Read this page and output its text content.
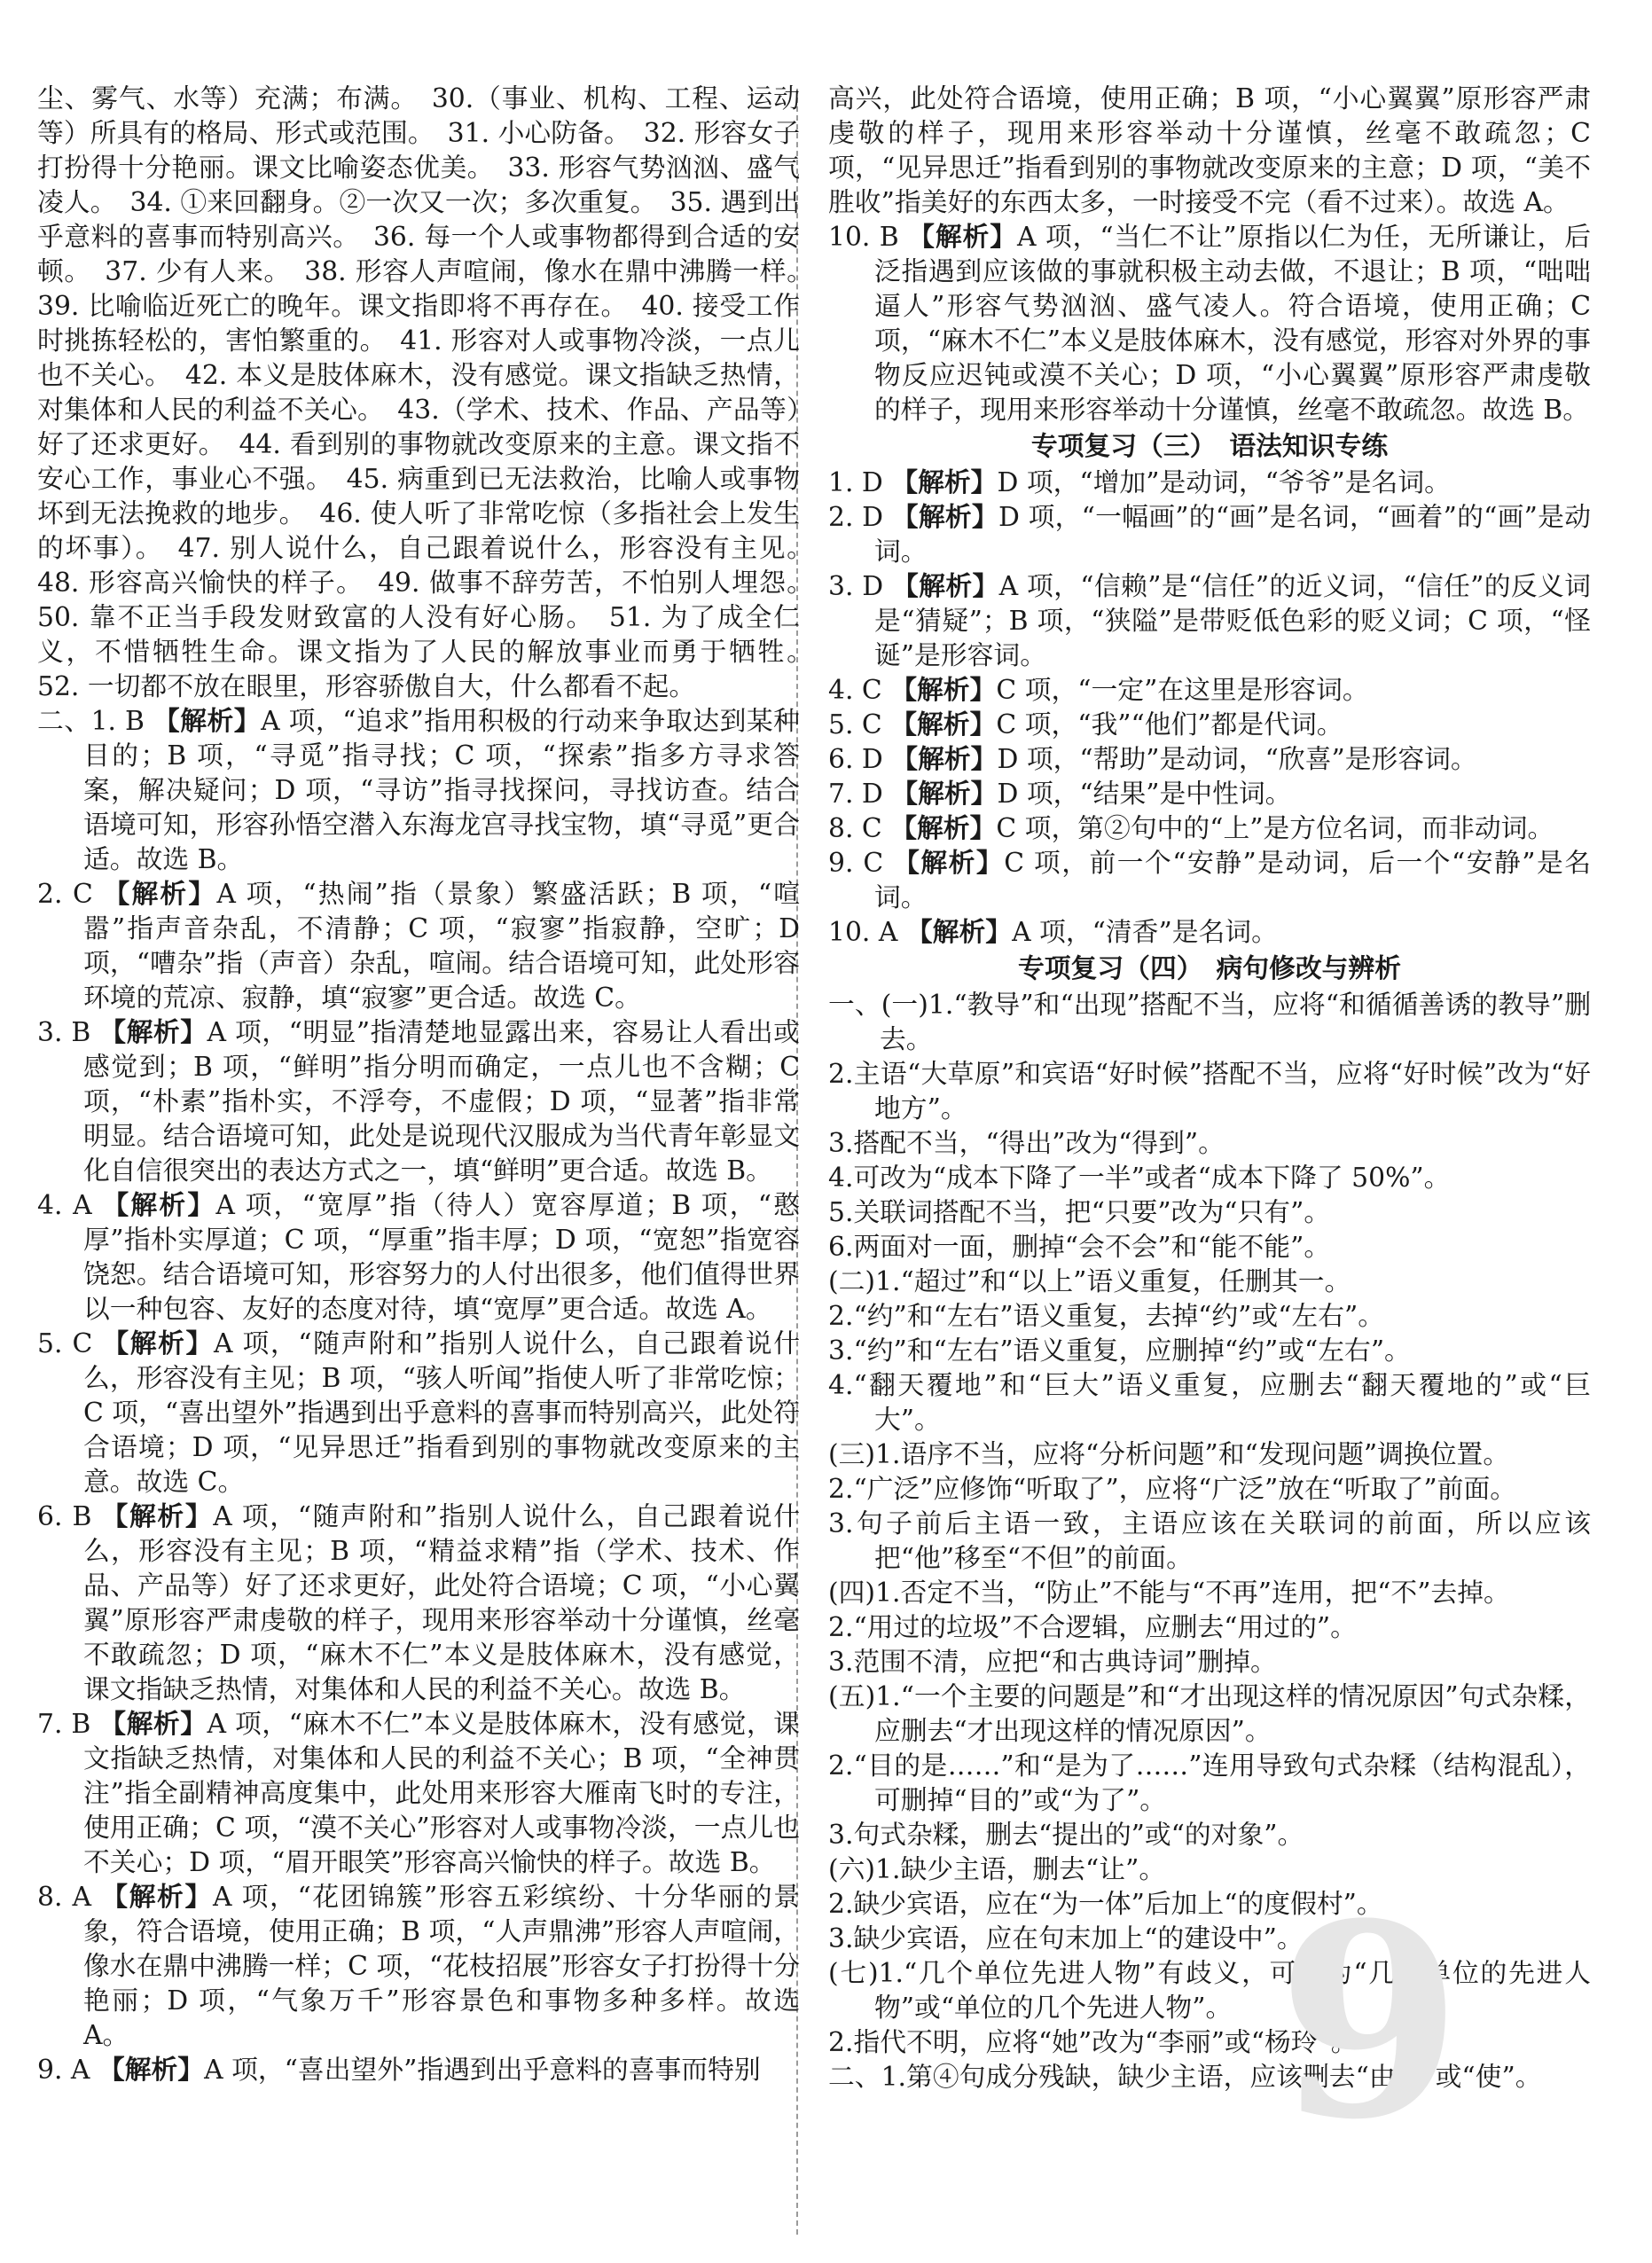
尘、雾气、水等）充满；布满。　30.（事业、机构、工程、运动等）所具有的格局、形式或范围。　31. 小心防备。　32. 形容女子打扮得十分艳丽。课文比喻姿态优美。　33. 形容气势汹汹、盛气凌人。　34. ①来回翻身。②一次又一次；多次重复。　35. 遇到出乎意料的喜事而特别高兴。　36. 每一个人或事物都得到合适的安顿。　37. 少有人来。　38. 形容人声喧闹，像水在鼎中沸腾一样。　39. 比喻临近死亡的晚年。课文指即将不再存在。　40. 接受工作时挑拣轻松的，害怕繁重的。　41. 形容对人或事物冷淡，一点儿也不关心。　42. 本义是肢体麻木，没有感觉。课文指缺乏热情，对集体和人民的利益不关心。　43.（学术、技术、作品、产品等）好了还求更好。　44. 看到别的事物就改变原来的主意。课文指不安心工作，事业心不强。　45. 病重到已无法救治，比喻人或事物坏到无法挽救的地步。　46. 使人听了非常吃惊（多指社会上发生的坏事）。　47. 别人说什么，自己跟着说什么，形容没有主见。　48. 形容高兴愉快的样子。　49. 做事不辞劳苦，不怕别人埋怨。　50. 靠不正当手段发财致富的人没有好心肠。　51. 为了成全仁义，不惜牺牲生命。课文指为了人民的解放事业而勇于牺牲。　52. 一切都不放在眼里，形容骄傲自大，什么都看不起。

二、1. B 【解析】A 项，“追求”指用积极的行动来争取达到某种目的；B 项，“寻觅”指寻找；C 项，“探索”指多方寻求答案，解决疑问；D 项，“寻访”指寻找探问，寻找访查。结合语境可知，形容孙悟空潜入东海龙宫寻找宝物，填“寻觅”更合适。故选 B。

2. C 【解析】A 项，“热闹”指（景象）繁盛活跃；B 项，“喧嚣”指声音杂乱，不清静；C 项，“寂寥”指寂静，空旷；D 项，“嘈杂”指（声音）杂乱，喧闹。结合语境可知，此处形容环境的荒凉、寂静，填“寂寥”更合适。故选 C。

3. B 【解析】A 项，“明显”指清楚地显露出来，容易让人看出或感觉到；B 项，“鲜明”指分明而确定，一点儿也不含糊；C 项，“朴素”指朴实，不浮夸，不虚假；D 项，“显著”指非常明显。结合语境可知，此处是说现代汉服成为当代青年彰显文化自信很突出的表达方式之一，填“鲜明”更合适。故选 B。

4. A 【解析】A 项，“宽厚”指（待人）宽容厚道；B 项，“憨厚”指朴实厚道；C 项，“厚重”指丰厚；D 项，“宽恕”指宽容饶恕。结合语境可知，形容努力的人付出很多，他们值得世界以一种包容、友好的态度对待，填“宽厚”更合适。故选 A。

5. C 【解析】A 项，“随声附和”指别人说什么，自己跟着说什么，形容没有主见；B 项，“骇人听闻”指使人听了非常吃惊；C 项，“喜出望外”指遇到出乎意料的喜事而特别高兴，此处符合语境；D 项，“见异思迁”指看到别的事物就改变原来的主意。故选 C。

6. B 【解析】A 项，“随声附和”指别人说什么，自己跟着说什么，形容没有主见；B 项，“精益求精”指（学术、技术、作品、产品等）好了还求更好，此处符合语境；C 项，“小心翼翼”原形容严肃虔敬的样子，现用来形容举动十分谨慎，丝毫不敢疏忽；D 项，“麻木不仁”本义是肢体麻木，没有感觉，课文指缺乏热情，对集体和人民的利益不关心。故选 B。

7. B 【解析】A 项，“麻木不仁”本义是肢体麻木，没有感觉，课文指缺乏热情，对集体和人民的利益不关心；B 项，“全神贯注”指全副精神高度集中，此处用来形容大雁南飞时的专注，使用正确；C 项，“漠不关心”形容对人或事物冷淡，一点儿也不关心；D 项，“眉开眼笑”形容高兴愉快的样子。故选 B。

8. A 【解析】A 项，“花团锦簇”形容五彩缤纷、十分华丽的景象，符合语境，使用正确；B 项，“人声鼎沸”形容人声喧闹，像水在鼎中沸腾一样；C 项，“花枝招展”形容女子打扮得十分艳丽；D 项，“气象万千”形容景色和事物多种多样。故选 A。

9. A 【解析】A 项，“喜出望外”指遇到出乎意料的喜事而特别

高兴，此处符合语境，使用正确；B 项，“小心翼翼”原形容严肃虔敬的样子，现用来形容举动十分谨慎，丝毫不敢疏忽；C 项，“见异思迁”指看到别的事物就改变原来的主意；D 项，“美不胜收”指美好的东西太多，一时接受不完（看不过来）。故选 A。

10. B 【解析】A 项，“当仁不让”原指以仁为任，无所谦让，后泛指遇到应该做的事就积极主动去做，不退让；B 项，“咄咄逼人”形容气势汹汹、盛气凌人。符合语境，使用正确；C 项，“麻木不仁”本义是肢体麻木，没有感觉，形容对外界的事物反应迟钝或漠不关心；D 项，“小心翼翼”原形容严肃虔敬的样子，现用来形容举动十分谨慎，丝毫不敢疏忽。故选 B。

专项复习（三）　语法知识专练

1. D 【解析】D 项，“增加”是动词，“爷爷”是名词。

2. D 【解析】D 项，“一幅画”的“画”是名词，“画着”的“画”是动词。

3. D 【解析】A 项，“信赖”是“信任”的近义词，“信任”的反义词是“猜疑”；B 项，“狭隘”是带贬低色彩的贬义词；C 项，“怪诞”是形容词。

4. C 【解析】C 项，“一定”在这里是形容词。

5. C 【解析】C 项，“我”“他们”都是代词。

6. D 【解析】D 项，“帮助”是动词，“欣喜”是形容词。

7. D 【解析】D 项，“结果”是中性词。

8. C 【解析】C 项，第②句中的“上”是方位名词，而非动词。

9. C 【解析】C 项，前一个“安静”是动词，后一个“安静”是名词。

10. A 【解析】A 项，“清香”是名词。

专项复习（四）　病句修改与辨析

一、(一)1.“教导”和“出现”搭配不当，应将“和循循善诱的教导”删去。

2.主语“大草原”和宾语“好时候”搭配不当，应将“好时候”改为“好地方”。

3.搭配不当，“得出”改为“得到”。

4.可改为“成本下降了一半”或者“成本下降了 50%”。

5.关联词搭配不当，把“只要”改为“只有”。

6.两面对一面，删掉“会不会”和“能不能”。

(二)1.“超过”和“以上”语义重复，任删其一。

2.“约”和“左右”语义重复，去掉“约”或“左右”。

3.“约”和“左右”语义重复，应删掉“约”或“左右”。

4.“翻天覆地”和“巨大”语义重复，应删去“翻天覆地的”或“巨大”。

(三)1.语序不当，应将“分析问题”和“发现问题”调换位置。

2.“广泛”应修饰“听取了”，应将“广泛”放在“听取了”前面。

3.句子前后主语一致，主语应该在关联词的前面，所以应该把“他”移至“不但”的前面。

(四)1.否定不当，“防止”不能与“不再”连用，把“不”去掉。

2.“用过的垃圾”不合逻辑，应删去“用过的”。

3.范围不清，应把“和古典诗词”删掉。

(五)1.“一个主要的问题是”和“才出现这样的情况原因”句式杂糅，应删去“才出现这样的情况原因”。

2.“目的是……”和“是为了……”连用导致句式杂糅（结构混乱），可删掉“目的”或“为了”。

3.句式杂糅，删去“提出的”或“的对象”。

(六)1.缺少主语，删去“让”。

2.缺少宾语，应在“为一体”后加上“的度假村”。

3.缺少宾语，应在句末加上“的建设中”。

(七)1.“几个单位先进人物”有歧义，可改为“几个单位的先进人物”或“单位的几个先进人物”。

2.指代不明，应将“她”改为“李丽”或“杨玲”。

二、1.第④句成分残缺，缺少主语，应该删去“由于”或“使”。

9
